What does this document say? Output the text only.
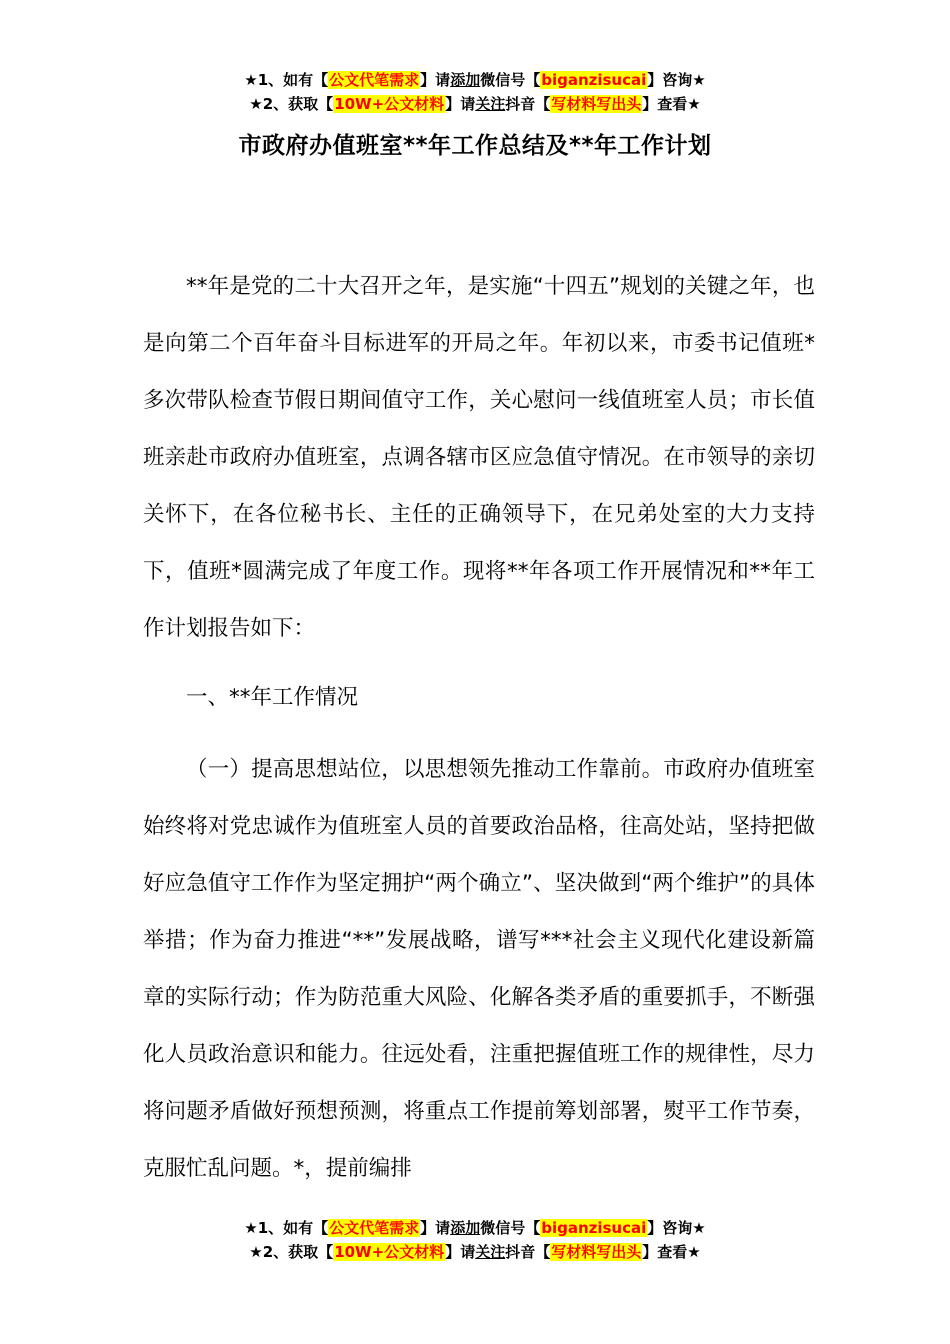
★1、如有【公文代笔需求】请添加微信号【biganzisucai】咨询★
★2、获取【10W+公文材料】请关注抖音【写材料写出头】查看★
市政府办值班室**年工作总结及**年工作计划

**年是党的二十大召开之年，是实施“十四五”规划的关键之年，也是向第二个百年奋斗目标进军的开局之年。年初以来，市委书记值班*多次带队检查节假日期间值守工作，关心慰问一线值班室人员；市长值班亲赴市政府办值班室，点调各辖市区应急值守情况。在市领导的亲切关怀下，在各位秘书长、主任的正确领导下，在兄弟处室的大力支持下，值班*圆满完成了年度工作。现将**年各项工作开展情况和**年工作计划报告如下：

一、**年工作情况

（一）提高思想站位，以思想领先推动工作靠前。市政府办值班室始终将对党忠诚作为值班室人员的首要政治品格，往高处站，坚持把做好应急值守工作作为坚定拥护“两个确立”、坚决做到“两个维护”的具体举措；作为奋力推进“**”发展战略，谱写***社会主义现代化建设新篇章的实际行动；作为防范重大风险、化解各类矛盾的重要抓手，不断强化人员政治意识和能力。往远处看，注重把握值班工作的规律性，尽力将问题矛盾做好预想预测，将重点工作提前筹划部署，熨平工作节奏，克服忙乱问题。*，提前编排

★1、如有【公文代笔需求】请添加微信号【biganzisucai】咨询★
★2、获取【10W+公文材料】请关注抖音【写材料写出头】查看★
